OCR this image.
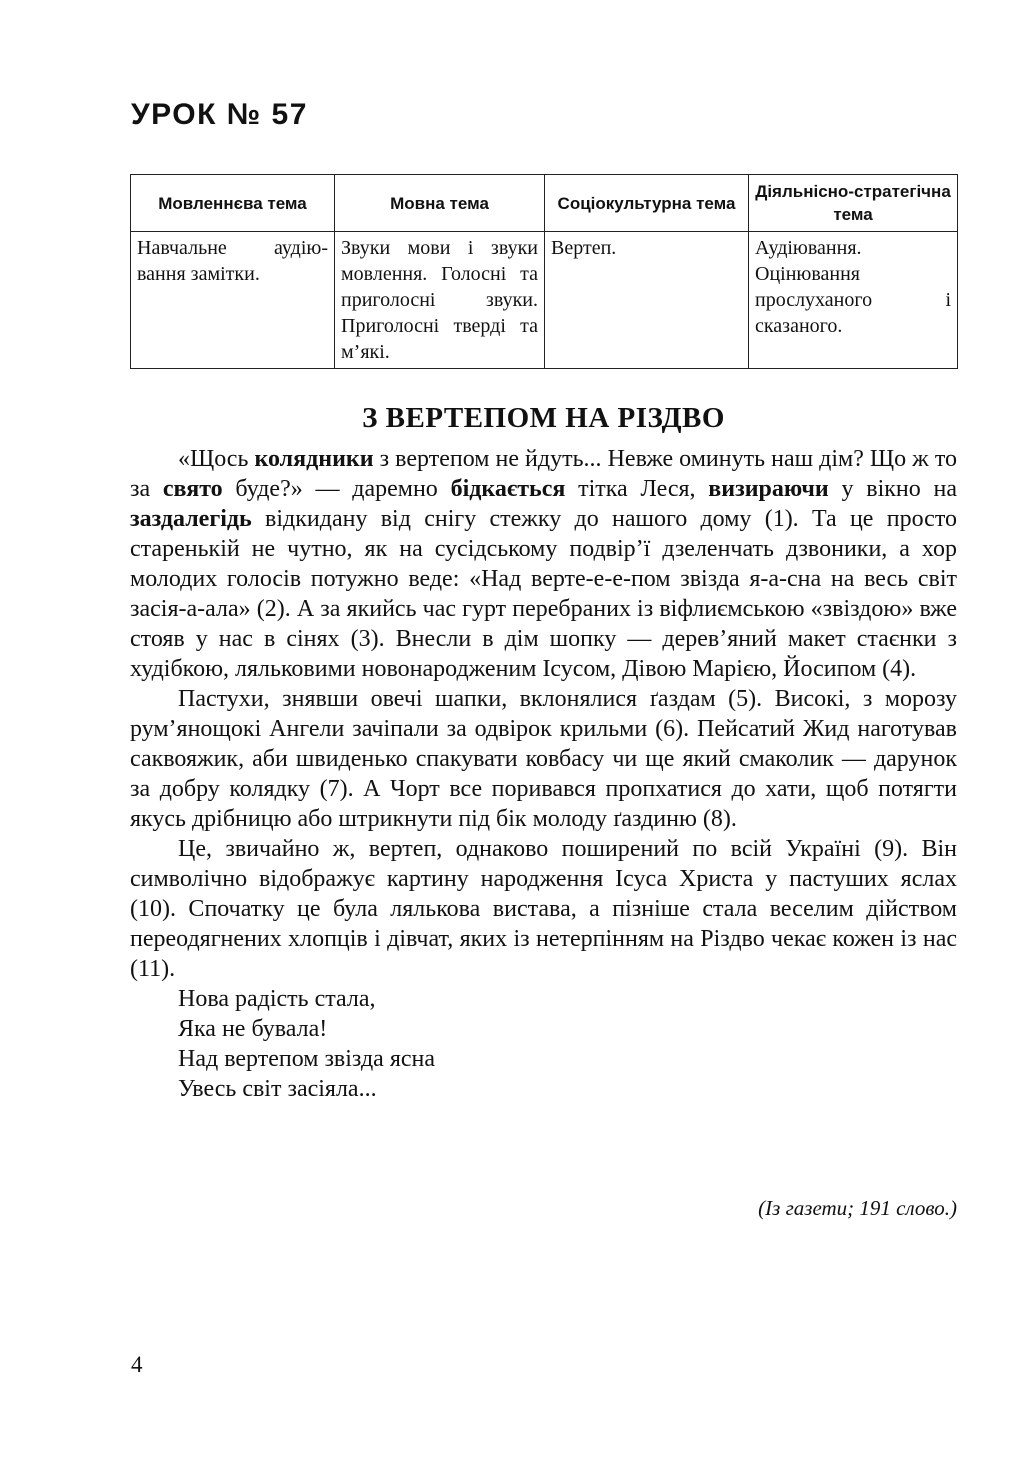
УРОК № 57
Мовленнєва тема	Мовна тема	Соціокультурна тема	Діяльнісно-стратегічна тема
Навчальне аудію-вання замітки.	Звуки мови і звуки мовлення. Голосні та приголосні звуки. Приголосні тверді та м’які.	Вертеп.	Аудіювання. Оцінювання прослуханого і сказаного.
З ВЕРТЕПОМ НА РІЗДВО

«Щось колядники з вертепом не йдуть... Невже оминуть наш дім? Що ж то за свято буде?» — даремно бідкається тітка Леся, визираючи у вікно на заздалегідь відкидану від снігу стежку до нашого дому (1). Та це просто старенькій не чутно, як на сусідському подвір’ї дзеленчать дзвоники, а хор молодих голосів потужно веде: «Над верте-е-е-пом звізда я-а-сна на весь світ засія-а-ала» (2). А за якийсь час гурт перебраних із віфлиємською «звіздою» вже стояв у нас в сінях (3). Внесли в дім шопку — дерев’яний макет стаєнки з худібкою, ляльковими новонародженим Ісусом, Дівою Марією, Йосипом (4).

Пастухи, знявши овечі шапки, вклонялися ґаздам (5). Високі, з морозу рум’янощокі Ангели зачіпали за одвірок крильми (6). Пейсатий Жид наготував саквояжик, аби швиденько спакувати ковбасу чи ще який смаколик — дарунок за добру колядку (7). А Чорт все поривався пропхатися до хати, щоб потягти якусь дрібницю або штрикнути під бік молоду ґаздиню (8).

Це, звичайно ж, вертеп, однаково поширений по всій Україні (9). Він символічно відображує картину народження Ісуса Христа у пастуших яслах (10). Спочатку це була лялькова вистава, а пізніше стала веселим дійством переодягнених хлопців і дівчат, яких із нетерпінням на Різдво чекає кожен із нас (11).

Нова радість стала,
Яка не бувала!
Над вертепом звізда ясна
Увесь світ засіяла...
(Із газети; 191 слово.)
4
